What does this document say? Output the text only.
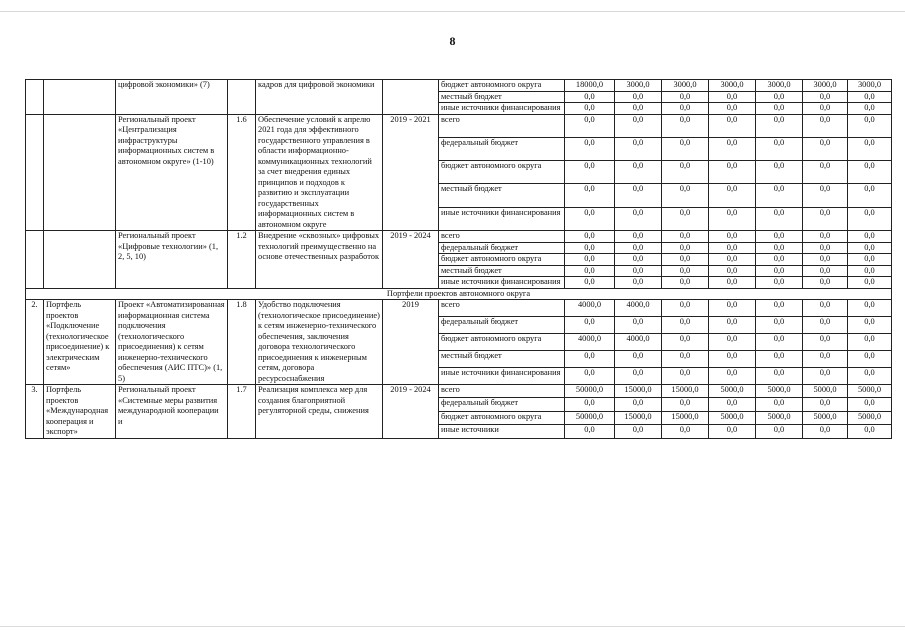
8
		цифровой экономики» (7)		кадров для цифровой экономики		бюджет автономного округа	18000,0	3000,0	3000,0	3000,0	3000,0	3000,0	3000,0
						местный бюджет	0,0	0,0	0,0	0,0	0,0	0,0	0,0
						иные источники финансирования	0,0	0,0	0,0	0,0	0,0	0,0	0,0
		Региональный проект «Централизация инфраструктуры информационных систем в автономном округе» (1-10)	1.6	Обеспечение условий к апрелю 2021 года для эффективного государственного управления в области информационно-коммуникационных технологий за счет внедрения единых принципов и подходов к развитию и эксплуатации государственных информационных систем в автономном округе	2019 - 2021	всего	0,0	0,0	0,0	0,0	0,0	0,0	0,0
						федеральный бюджет	0,0	0,0	0,0	0,0	0,0	0,0	0,0
						бюджет автономного округа	0,0	0,0	0,0	0,0	0,0	0,0	0,0
						местный бюджет	0,0	0,0	0,0	0,0	0,0	0,0	0,0
						иные источники финансирования	0,0	0,0	0,0	0,0	0,0	0,0	0,0
		Региональный проект «Цифровые технологии» (1, 2, 5, 10)	1.2	Внедрение «сквозных» цифровых технологий преимущественно на основе отечественных разработок	2019 - 2024	всего	0,0	0,0	0,0	0,0	0,0	0,0	0,0
						федеральный бюджет	0,0	0,0	0,0	0,0	0,0	0,0	0,0
						бюджет автономного округа	0,0	0,0	0,0	0,0	0,0	0,0	0,0
						местный бюджет	0,0	0,0	0,0	0,0	0,0	0,0	0,0
						иные источники финансирования	0,0	0,0	0,0	0,0	0,0	0,0	0,0
Портфели проектов автономного округа													
2.	Портфель проектов «Подключение (технологическое присоединение) к электрическим сетям»	Проект «Автоматизированная информационная система подключения (технологического присоединения) к сетям инженерно-технического обеспечения (АИС ПТС)» (1, 5)	1.8	Удобство подключения (технологическое присоединение) к сетям инженерно-технического обеспечения, заключения договора технологического присоединения к инженерным сетям, договора ресурсоснабжения	2019	всего	4000,0	4000,0	0,0	0,0	0,0	0,0	0,0
						федеральный бюджет	0,0	0,0	0,0	0,0	0,0	0,0	0,0
						бюджет автономного округа	4000,0	4000,0	0,0	0,0	0,0	0,0	0,0
						местный бюджет	0,0	0,0	0,0	0,0	0,0	0,0	0,0
						иные источники финансирования	0,0	0,0	0,0	0,0	0,0	0,0	0,0
3.	Портфель проектов «Международная кооперация и экспорт»	Региональный проект «Системные меры развития международной кооперации и	1.7	Реализация комплекса мер для создания благоприятной регуляторной среды, снижения	2019 - 2024	всего	50000,0	15000,0	15000,0	5000,0	5000,0	5000,0	5000,0
						федеральный бюджет	0,0	0,0	0,0	0,0	0,0	0,0	0,0
						бюджет автономного округа	50000,0	15000,0	15000,0	5000,0	5000,0	5000,0	5000,0
						иные источники	0,0	0,0	0,0	0,0	0,0	0,0	0,0
